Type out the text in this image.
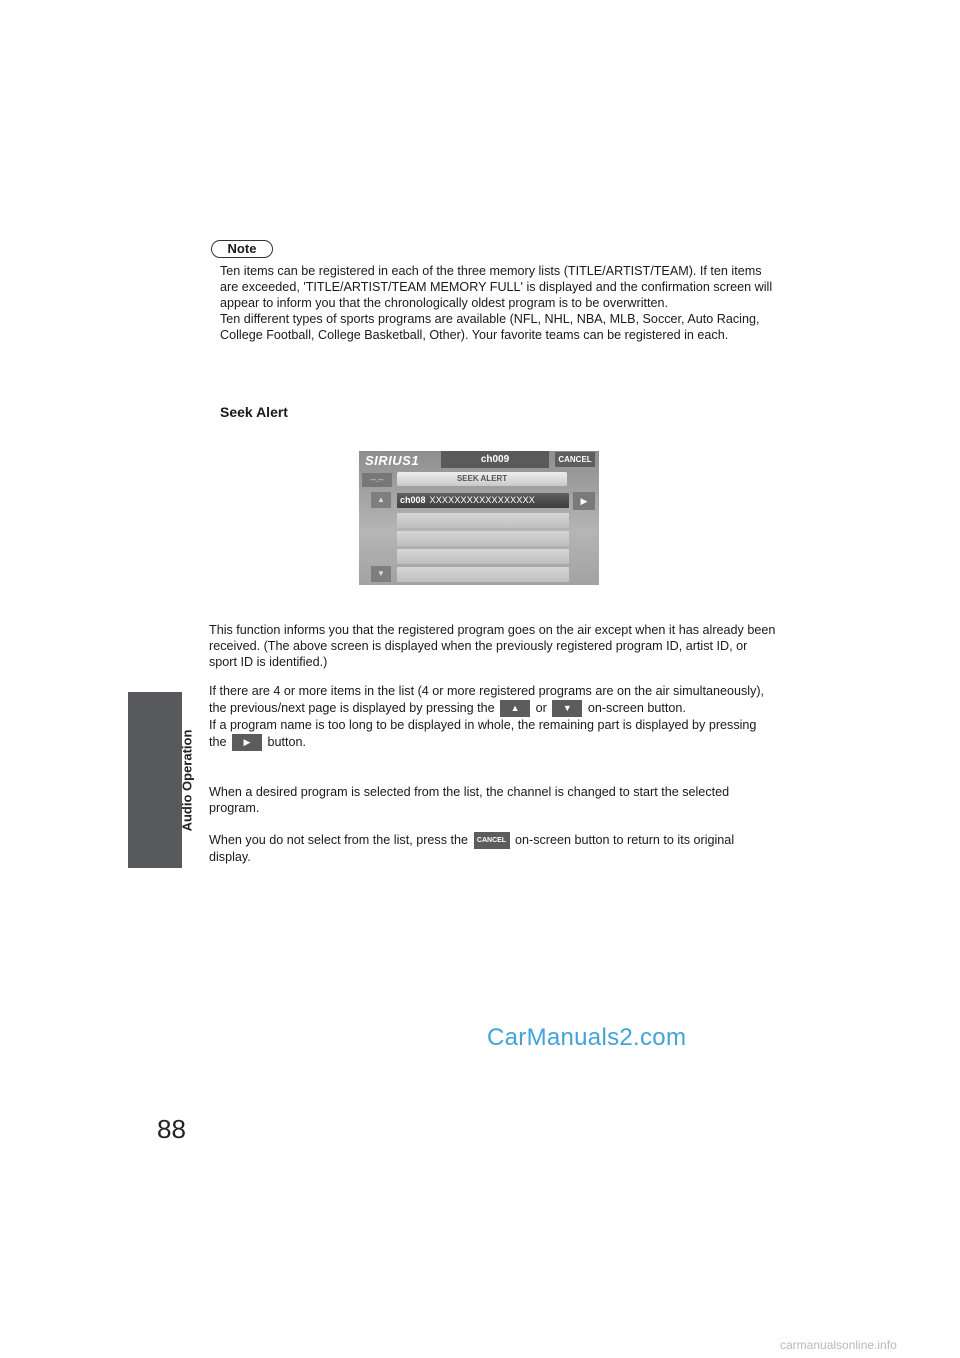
Audio Operation
88
Note

Ten items can be registered in each of the three memory lists (TITLE/ARTIST/TEAM). If ten items are exceeded, 'TITLE/ARTIST/TEAM MEMORY FULL' is displayed and the confirmation screen will appear to inform you that the chronologically oldest program is to be overwritten.

Ten different types of sports programs are available (NFL, NHL, NBA, MLB, Soccer, Auto Racing, College Football, College Basketball, Other). Your favorite teams can be registered in each.

Seek Alert
SIRIUS1	ch009	CANCEL
--.--	SEEK ALERT
▲	ch008 XXXXXXXXXXXXXXXXX	▶
▼

This function informs you that the registered program goes on the air except when it has already been received. (The above screen is displayed when the previously registered program ID, artist ID, or sport ID is identified.)

If there are 4 or more items in the list (4 or more registered programs are on the air simultaneously), the previous/next page is displayed by pressing the ▲ or ▼ on-screen button.

If a program name is too long to be displayed in whole, the remaining part is displayed by pressing the ▶ button.

When a desired program is selected from the list, the channel is changed to start the selected program.

When you do not select from the list, press the CANCEL on-screen button to return to its original display.

CarManuals2.com
carmanualsonline.info
